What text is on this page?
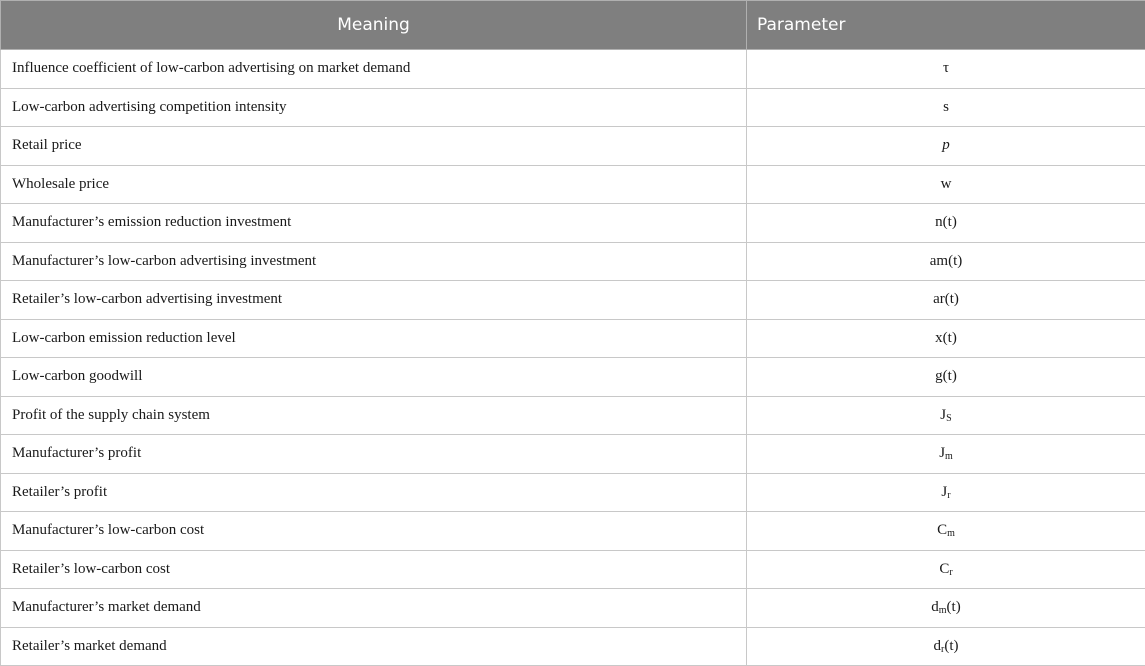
Meaning	Parameter
Influence coefficient of low-carbon advertising on market demand	τ
Low-carbon advertising competition intensity	s
Retail price	p
Wholesale price	w
Manufacturer’s emission reduction investment	n(t)
Manufacturer’s low-carbon advertising investment	am(t)
Retailer’s low-carbon advertising investment	ar(t)
Low-carbon emission reduction level	x(t)
Low-carbon goodwill	g(t)
Profit of the supply chain system	$J_S$
Manufacturer’s profit	$J_m$
Retailer’s profit	$J_r$
Manufacturer’s low-carbon cost	$C_m$
Retailer’s low-carbon cost	$C_r$
Manufacturer’s market demand	$d_m(t)$
Retailer’s market demand	$d_r(t)$
